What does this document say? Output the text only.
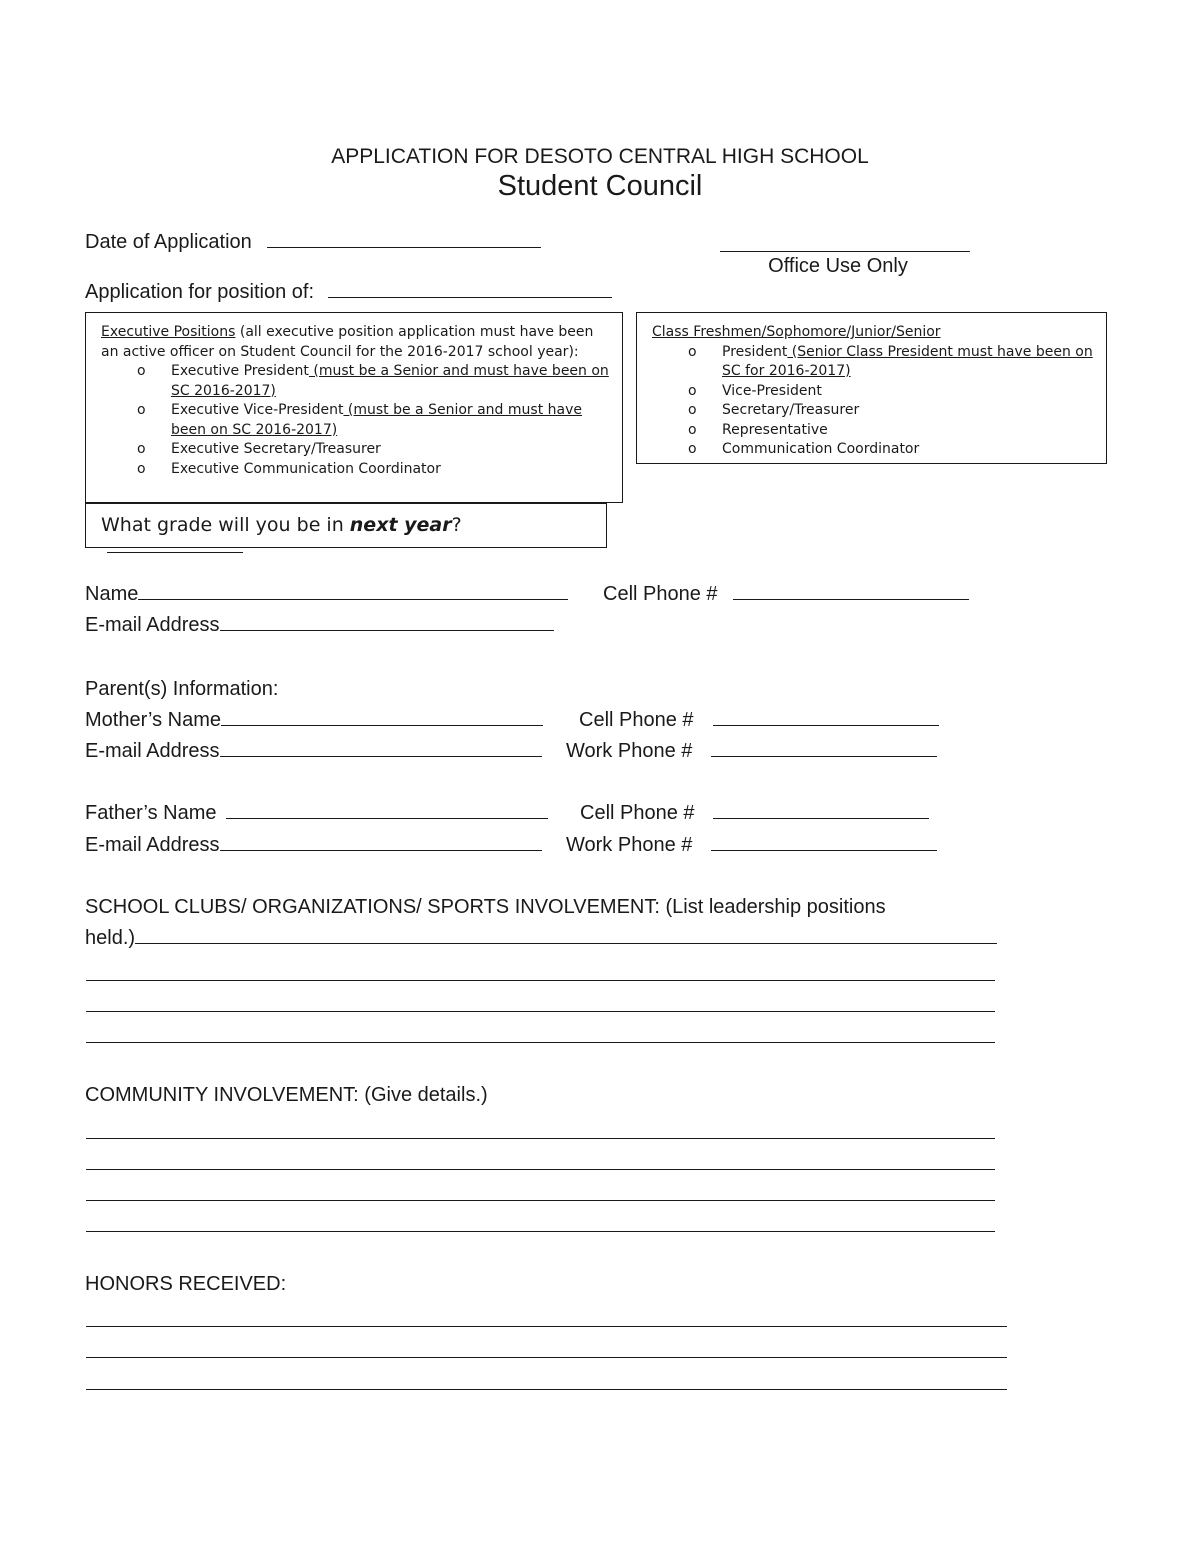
APPLICATION FOR DESOTO CENTRAL HIGH SCHOOL
Student Council
Date of Application
Office Use Only
Application for position of:
Executive Positions (all executive position application must have been an active officer on Student Council for the 2016-2017 school year):
o Executive President (must be a Senior and must have been on SC 2016-2017)
o Executive Vice-President (must be a Senior and must have been on SC 2016-2017)
o Executive Secretary/Treasurer
o Executive Communication Coordinator
What grade will you be in next year?
Class Freshmen/Sophomore/Junior/Senior
o President (Senior Class President must have been on SC for 2016-2017)
o Vice-President
o Secretary/Treasurer
o Representative
o Communication Coordinator
Name	Cell Phone #
E-mail Address
Parent(s) Information:
Mother’s Name	Cell Phone #
E-mail Address	Work Phone #
Father’s Name	Cell Phone #
E-mail Address	Work Phone #
SCHOOL CLUBS/ ORGANIZATIONS/ SPORTS INVOLVEMENT: (List leadership positions
held.)
COMMUNITY INVOLVEMENT: (Give details.)
HONORS RECEIVED:
